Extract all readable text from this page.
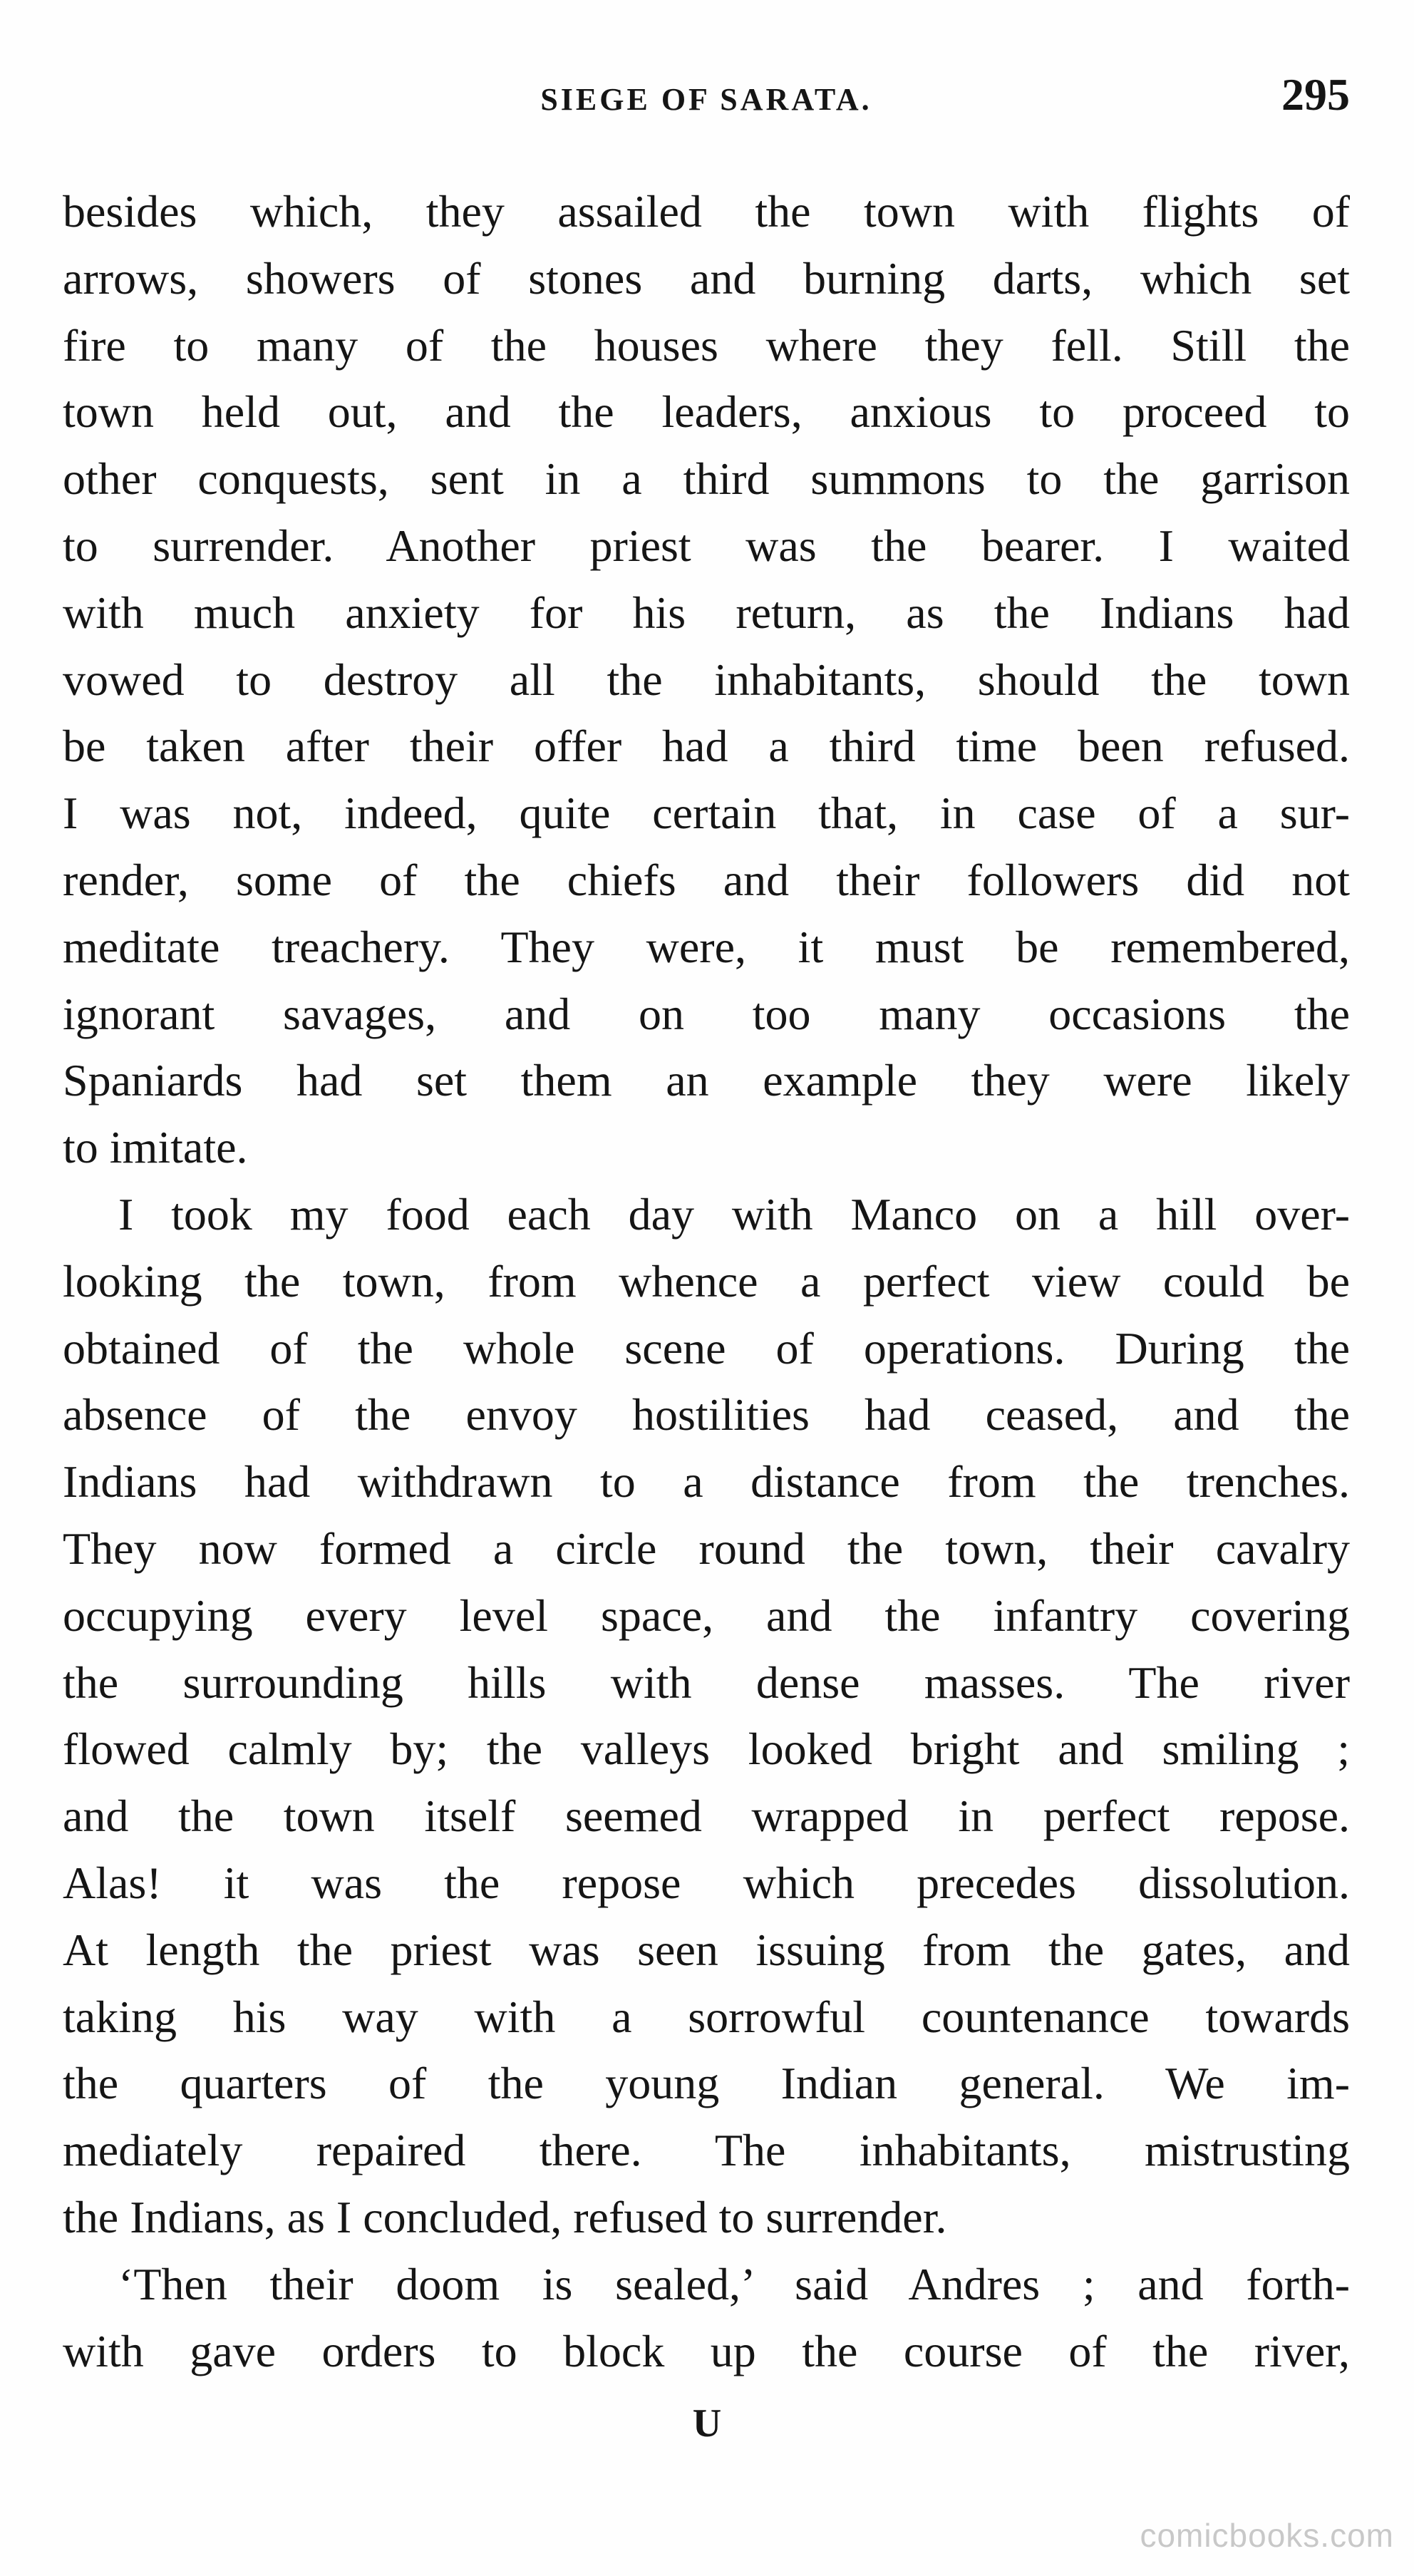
SIEGE OF SARATA.	295
besides which, they assailed the town with flights of
arrows, showers of stones and burning darts, which set
fire to many of the houses where they fell. Still the
town held out, and the leaders, anxious to proceed to
other conquests, sent in a third summons to the garrison
to surrender. Another priest was the bearer. I waited
with much anxiety for his return, as the Indians had
vowed to destroy all the inhabitants, should the town
be taken after their offer had a third time been refused.
I was not, indeed, quite certain that, in case of a sur-
render, some of the chiefs and their followers did not
meditate treachery. They were, it must be remembered,
ignorant savages, and on too many occasions the
Spaniards had set them an example they were likely
to imitate.
I took my food each day with Manco on a hill over-
looking the town, from whence a perfect view could be
obtained of the whole scene of operations. During the
absence of the envoy hostilities had ceased, and the
Indians had withdrawn to a distance from the trenches.
They now formed a circle round the town, their cavalry
occupying every level space, and the infantry covering
the surrounding hills with dense masses. The river
flowed calmly by; the valleys looked bright and smiling ;
and the town itself seemed wrapped in perfect repose.
Alas! it was the repose which precedes dissolution.
At length the priest was seen issuing from the gates, and
taking his way with a sorrowful countenance towards
the quarters of the young Indian general. We im-
mediately repaired there. The inhabitants, mistrusting
the Indians, as I concluded, refused to surrender.
‘Then their doom is sealed,’ said Andres ; and forth-
with gave orders to block up the course of the river,
U
comicbooks.com
